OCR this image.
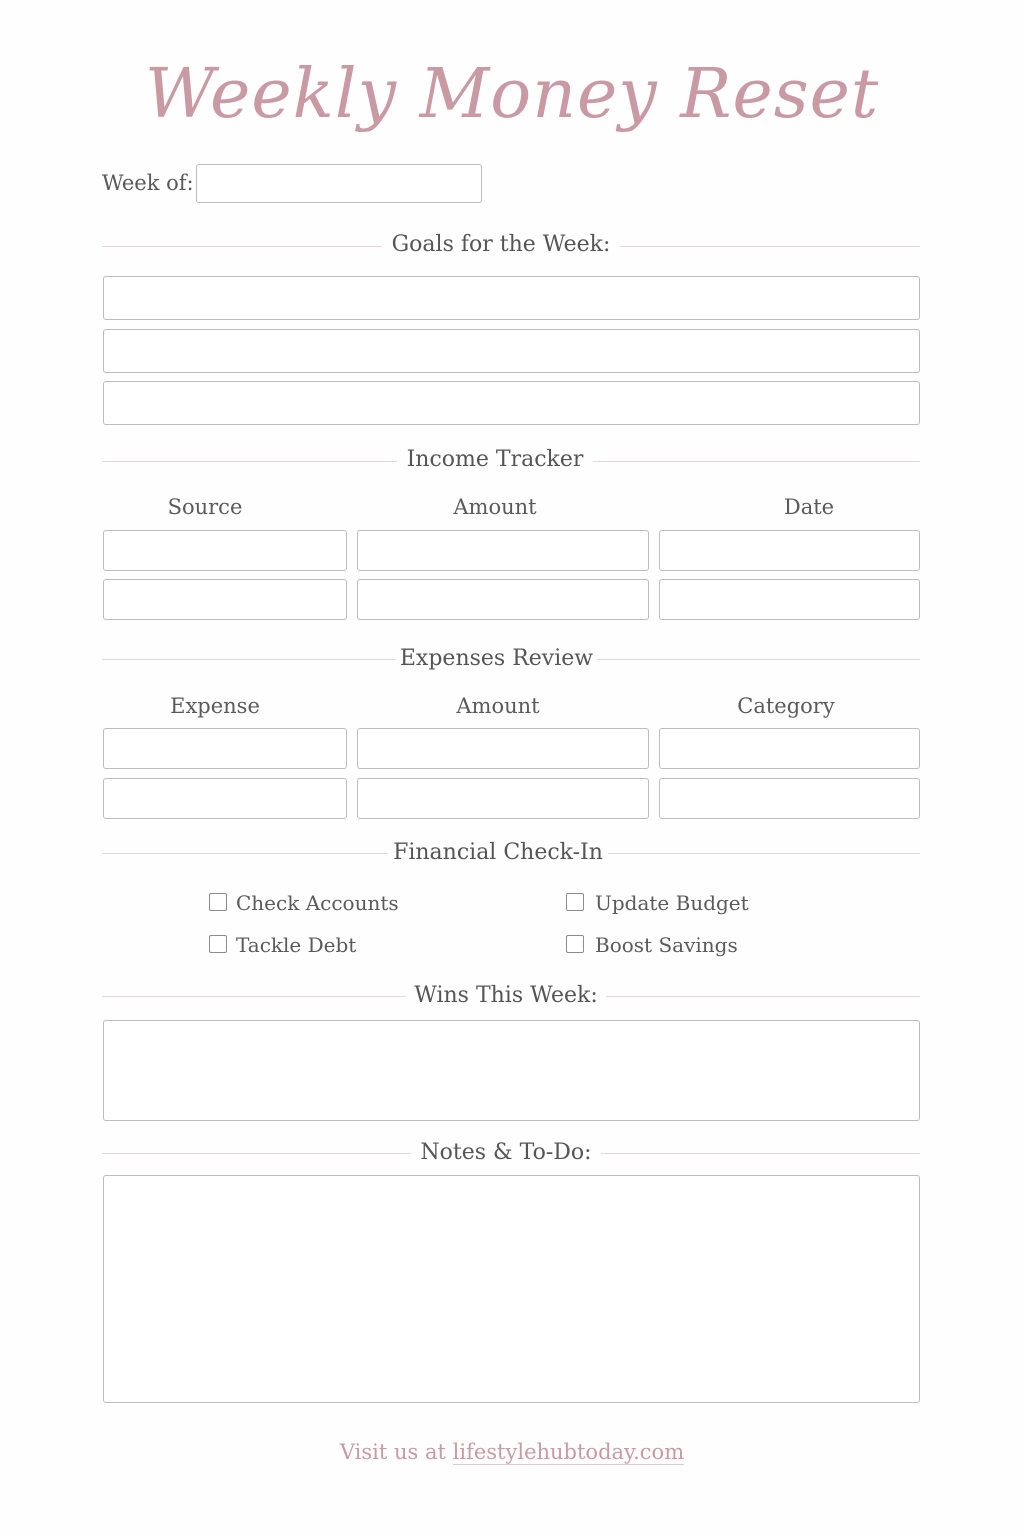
Weekly Money Reset
Week of:
Goals for the Week:
Income Tracker
Source	Amount	Date
Expenses Review
Expense	Amount	Category
Financial Check-In
Check Accounts	Update Budget
Tackle Debt	Boost Savings
Wins This Week:
Notes & To-Do:
Visit us at lifestylehubtoday.com
